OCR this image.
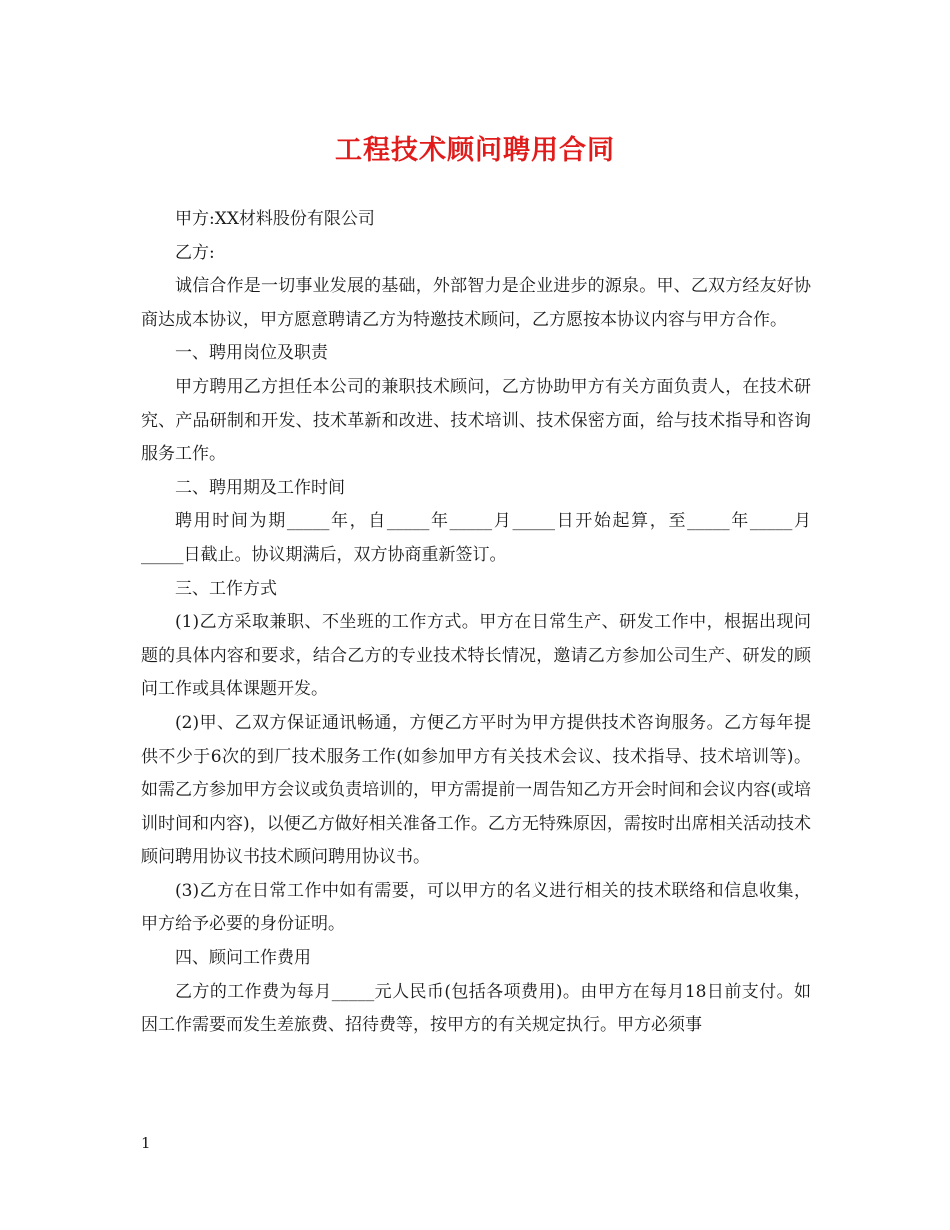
工程技术顾问聘用合同

甲方:XX材料股份有限公司

乙方:

诚信合作是一切事业发展的基础，外部智力是企业进步的源泉。甲、乙双方经友好协商达成本协议，甲方愿意聘请乙方为特邀技术顾问，乙方愿按本协议内容与甲方合作。

一、聘用岗位及职责

甲方聘用乙方担任本公司的兼职技术顾问，乙方协助甲方有关方面负责人，在技术研究、产品研制和开发、技术革新和改进、技术培训、技术保密方面，给与技术指导和咨询服务工作。

二、聘用期及工作时间

聘用时间为期_____年，自_____年_____月_____日开始起算，至_____年_____月_____日截止。协议期满后，双方协商重新签订。

三、工作方式

(1)乙方采取兼职、不坐班的工作方式。甲方在日常生产、研发工作中，根据出现问题的具体内容和要求，结合乙方的专业技术特长情况，邀请乙方参加公司生产、研发的顾问工作或具体课题开发。

(2)甲、乙双方保证通讯畅通，方便乙方平时为甲方提供技术咨询服务。乙方每年提供不少于6次的到厂技术服务工作(如参加甲方有关技术会议、技术指导、技术培训等)。如需乙方参加甲方会议或负责培训的，甲方需提前一周告知乙方开会时间和会议内容(或培训时间和内容)，以便乙方做好相关准备工作。乙方无特殊原因，需按时出席相关活动技术顾问聘用协议书技术顾问聘用协议书。

(3)乙方在日常工作中如有需要，可以甲方的名义进行相关的技术联络和信息收集，甲方给予必要的身份证明。

四、顾问工作费用

乙方的工作费为每月_____元人民币(包括各项费用)。由甲方在每月18日前支付。如因工作需要而发生差旅费、招待费等，按甲方的有关规定执行。甲方必须事

1
